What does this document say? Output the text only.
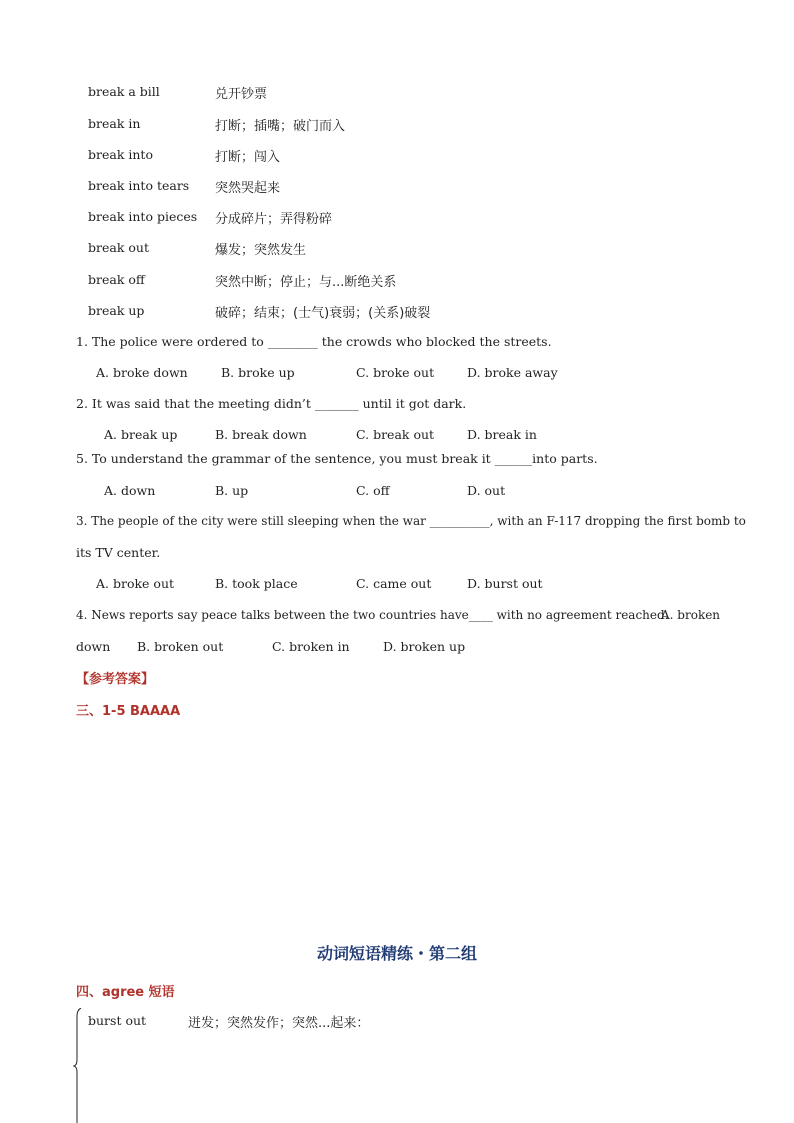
break a bill	兑开钞票
break in	打断；插嘴；破门而入
break into	打断；闯入
break into tears 突然哭起来
break into pieces 分成碎片；弄得粉碎
break out	爆发；突然发生
break off	突然中断；停止；与...断绝关系
break up	破碎；结束；(士气)衰弱；(关系)破裂
1. The police were ordered to ________ the crowds who blocked the streets.
A. broke down	B. broke up	C. broke out	D. broke away
2. It was said that the meeting didn’t _______ until it got dark.
A. break up	B. break down	C. break out	D. break in
5. To understand the grammar of the sentence, you must break it ______into parts.
A. down	B. up	C. off	D. out
3. The people of the city were still sleeping when the war __________, with an F-117 dropping the first bomb to
its TV center.
A. broke out	B. took place	C. came out	D. burst out
4. News reports say peace talks between the two countries have____ with no agreement reached.
A. broken
down B. broken out	C. broken in	D. broken up
【参考答案】
三、1-5 BAAAA
动词短语精练・第二组
四、agree 短语
burst out	迸发；突然发作；突然...起来：
